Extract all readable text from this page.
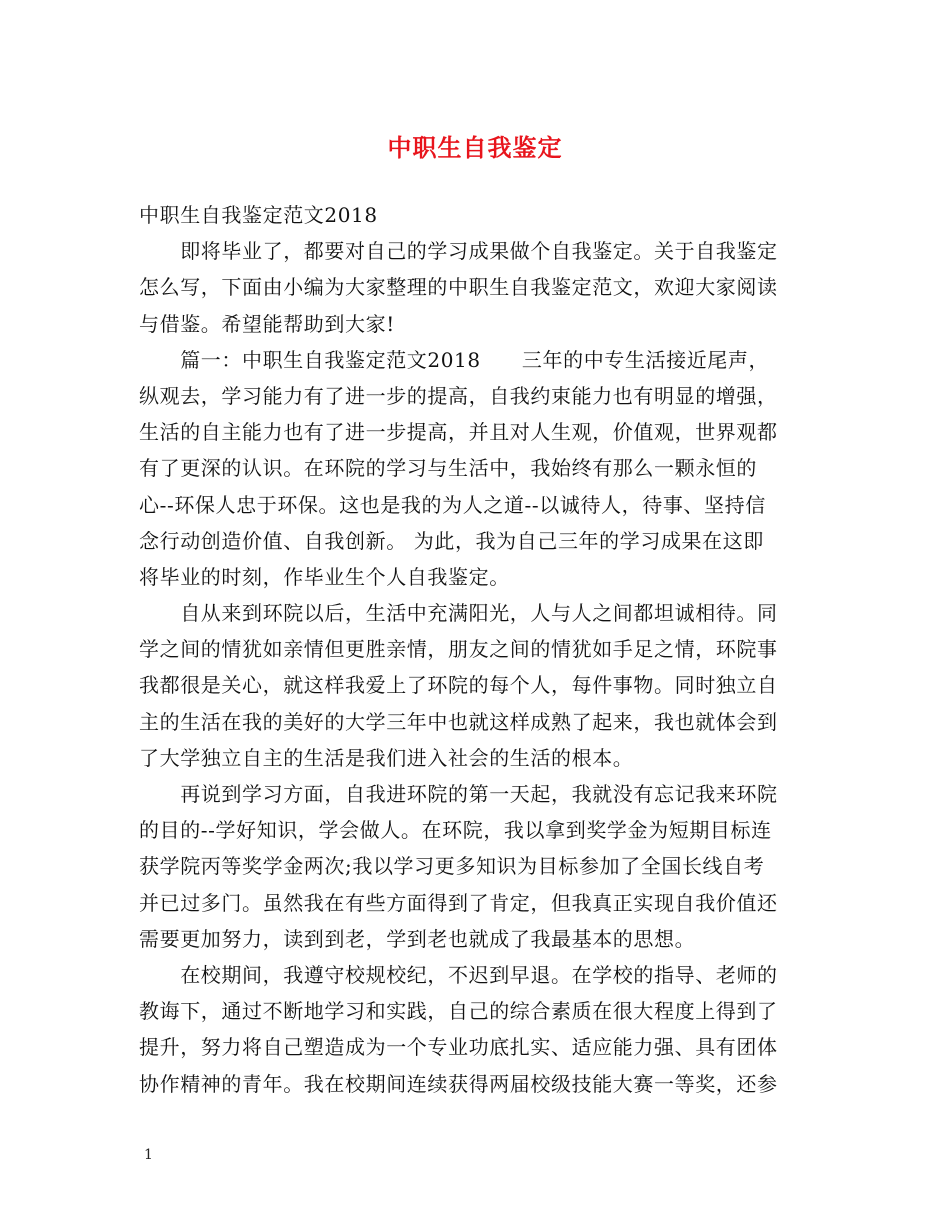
中职生自我鉴定
中职生自我鉴定范文2018
　　即将毕业了，都要对自己的学习成果做个自我鉴定。关于自我鉴定
怎么写，下面由小编为大家整理的中职生自我鉴定范文，欢迎大家阅读
与借鉴。希望能帮助到大家!
　　篇一：中职生自我鉴定范文2018　　三年的中专生活接近尾声，
纵观去，学习能力有了进一步的提高，自我约束能力也有明显的增强，
生活的自主能力也有了进一步提高，并且对人生观，价值观，世界观都
有了更深的认识。在环院的学习与生活中，我始终有那么一颗永恒的
心--环保人忠于环保。这也是我的为人之道--以诚待人，待事、坚持信
念行动创造价值、自我创新。 为此，我为自己三年的学习成果在这即
将毕业的时刻，作毕业生个人自我鉴定。
　　自从来到环院以后，生活中充满阳光，人与人之间都坦诚相待。同
学之间的情犹如亲情但更胜亲情，朋友之间的情犹如手足之情，环院事
我都很是关心，就这样我爱上了环院的每个人，每件事物。同时独立自
主的生活在我的美好的大学三年中也就这样成熟了起来，我也就体会到
了大学独立自主的生活是我们进入社会的生活的根本。
　　再说到学习方面，自我进环院的第一天起，我就没有忘记我来环院
的目的--学好知识，学会做人。在环院，我以拿到奖学金为短期目标连
获学院丙等奖学金两次;我以学习更多知识为目标参加了全国长线自考
并已过多门。虽然我在有些方面得到了肯定，但我真正实现自我价值还
需要更加努力，读到到老，学到老也就成了我最基本的思想。
　　在校期间，我遵守校规校纪，不迟到早退。在学校的指导、老师的
教诲下，通过不断地学习和实践，自己的综合素质在很大程度上得到了
提升，努力将自己塑造成为一个专业功底扎实、适应能力强、具有团体
协作精神的青年。我在校期间连续获得两届校级技能大赛一等奖，还参
1
